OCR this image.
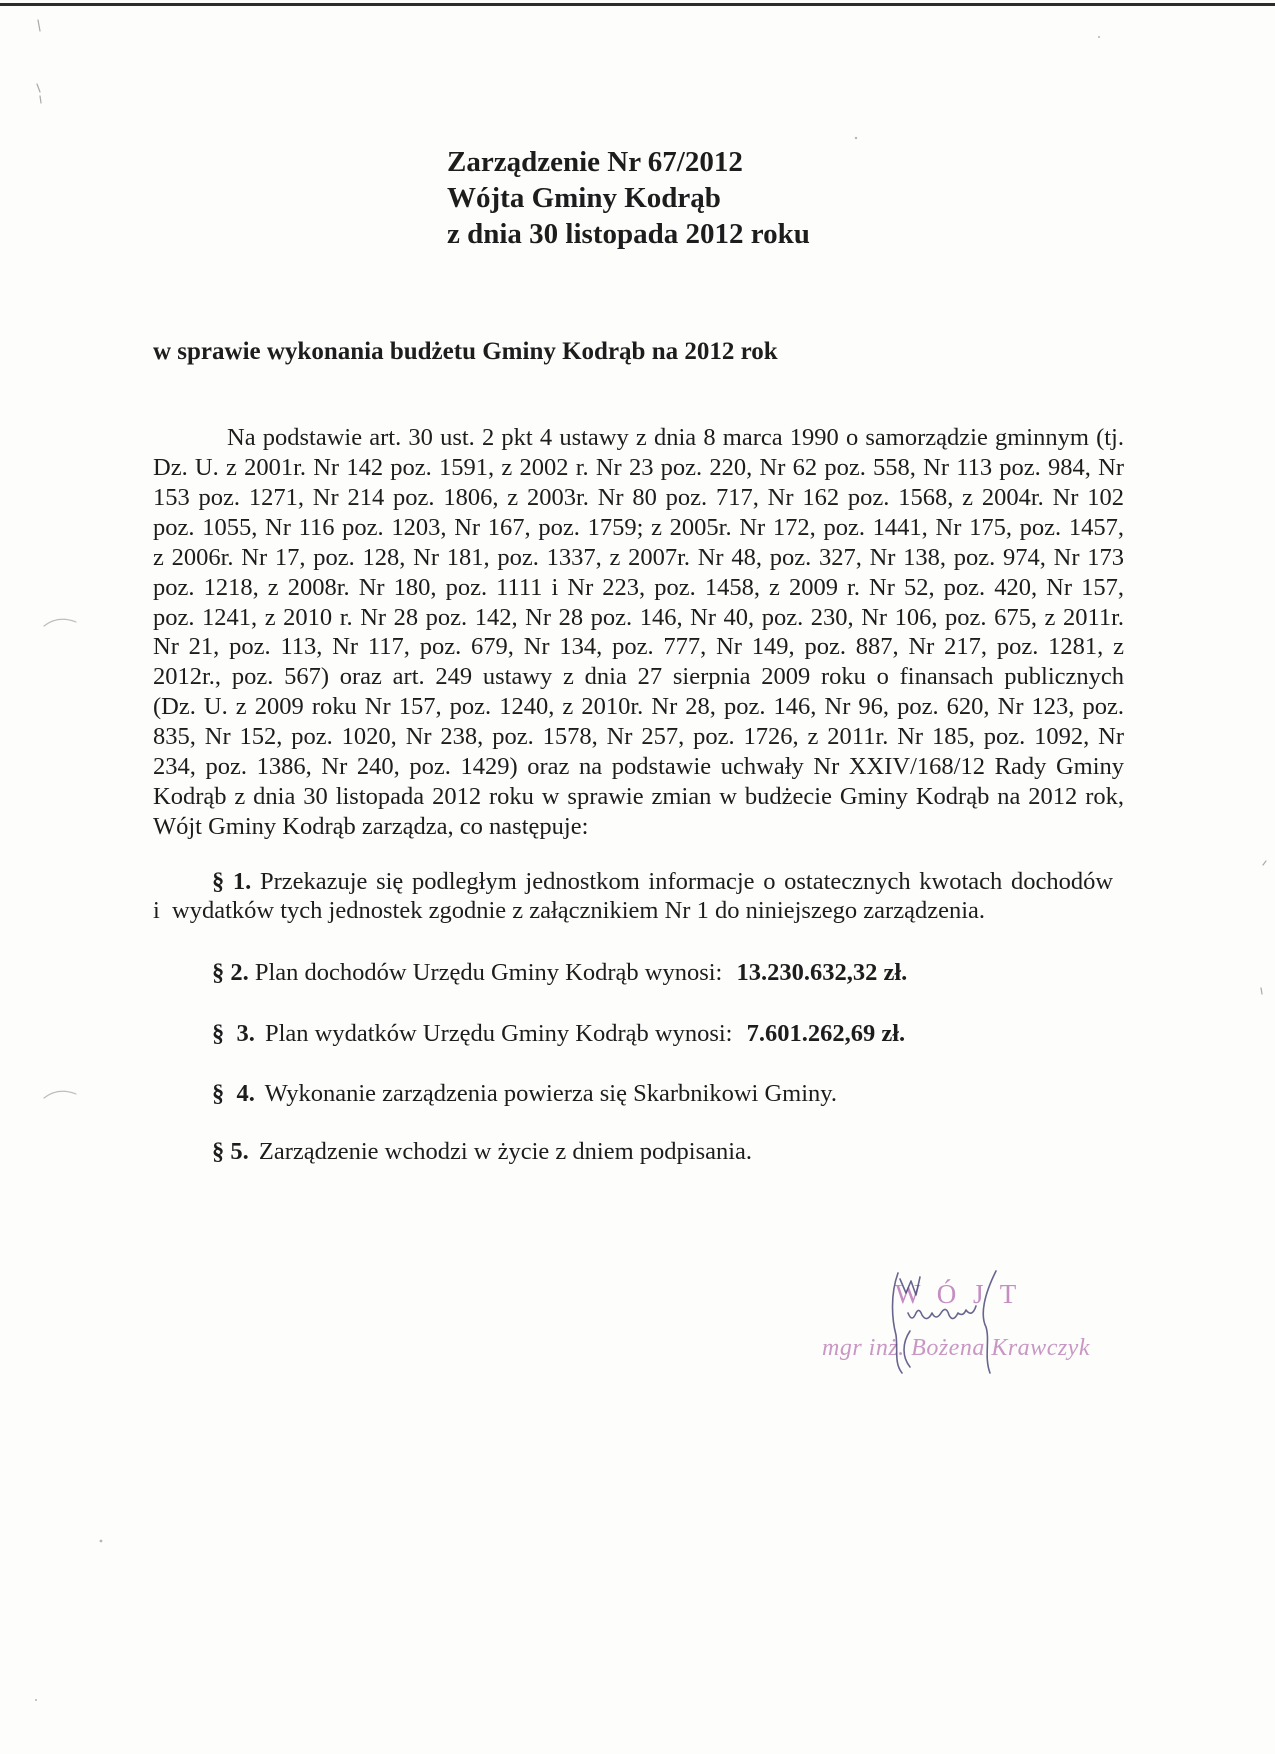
Zarządzenie Nr 67/2012
Wójta Gminy Kodrąb
z dnia 30 listopada 2012 roku
w sprawie wykonania budżetu Gminy Kodrąb na 2012 rok
Na podstawie art. 30 ust. 2 pkt 4 ustawy z dnia 8 marca 1990 o samorządzie gminnym (tj.
Dz. U. z 2001r. Nr 142 poz. 1591, z 2002 r. Nr 23 poz. 220, Nr 62 poz. 558, Nr 113 poz. 984, Nr
153 poz. 1271, Nr 214 poz. 1806, z 2003r. Nr 80 poz. 717, Nr 162 poz. 1568, z 2004r. Nr 102
poz. 1055, Nr 116 poz. 1203, Nr 167, poz. 1759; z 2005r. Nr 172, poz. 1441, Nr 175, poz. 1457,
z 2006r. Nr 17, poz. 128, Nr 181, poz. 1337, z 2007r. Nr 48, poz. 327, Nr 138, poz. 974, Nr 173
poz. 1218, z 2008r. Nr 180, poz. 1111 i Nr 223, poz. 1458, z 2009 r. Nr 52, poz. 420, Nr 157,
poz. 1241, z 2010 r. Nr 28 poz. 142, Nr 28 poz. 146, Nr 40, poz. 230, Nr 106, poz. 675, z 2011r.
Nr 21, poz. 113, Nr 117, poz. 679, Nr 134, poz. 777, Nr 149, poz. 887, Nr 217, poz. 1281, z
2012r., poz. 567) oraz art. 249 ustawy z dnia 27 sierpnia 2009 roku o finansach publicznych
(Dz. U. z 2009 roku Nr 157, poz. 1240, z 2010r. Nr 28, poz. 146, Nr 96, poz. 620, Nr 123, poz.
835, Nr 152, poz. 1020, Nr 238, poz. 1578, Nr 257, poz. 1726, z 2011r. Nr 185, poz. 1092, Nr
234, poz. 1386, Nr 240, poz. 1429) oraz na podstawie uchwały Nr XXIV/168/12 Rady Gminy
Kodrąb z dnia 30 listopada 2012 roku w sprawie zmian w budżecie Gminy Kodrąb na 2012 rok,
Wójt Gminy Kodrąb zarządza, co następuje:
§ 1. Przekazuje się podległym jednostkom informacje o ostatecznych kwotach dochodów
i  wydatków tych jednostek zgodnie z załącznikiem Nr 1 do niniejszego zarządzenia.
§ 2. Plan dochodów Urzędu Gminy Kodrąb wynosi: 13.230.632,32 zł.
§  3. Plan wydatków Urzędu Gminy Kodrąb wynosi: 7.601.262,69 zł.
§  4. Wykonanie zarządzenia powierza się Skarbnikowi Gminy.
§ 5. Zarządzenie wchodzi w życie z dniem podpisania.
W Ó J T
mgr inż. Bożena Krawczyk
